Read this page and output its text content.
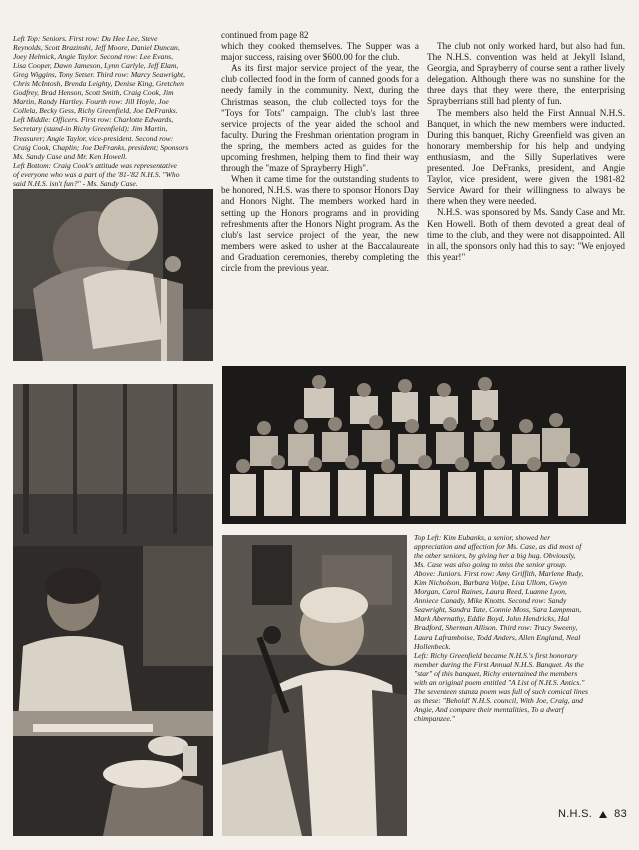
Left Top: Seniors. First row: Du Hee Lee, Steve
Reynolds, Scott Brazinshi, Jeff Moore, Daniel Duncan,
Joey Helmick, Angie Taylor. Second row: Lee Evans,
Lisa Cooper, Dawn Jameson, Lynn Carlyle, Jeff Elam,
Greg Wiggins, Tony Setser. Third row: Marcy Seawright,
Chris McIntosh, Brenda Leighty, Denise King, Gretchen
Godfrey, Brad Henson, Scott Smith, Craig Cook, Jim
Martin, Randy Hartley. Fourth row: Jill Hoyle, Joe
Collela, Becky Gess, Richy Greenfield, Joe DeFranks.
Left Middle: Officers. First row: Charlotte Edwards,
Secretary (stand-in Richy Greenfield); Jim Martin,
Treasurer; Angie Taylor, vice-president. Second row:
Craig Cook, Chaplin; Joe DeFranks, president; Sponsors
Ms. Sandy Case and Mr. Ken Howell.
Left Bottom: Craig Cook's attitude was representative
of everyone who was a part of the '81-'82 N.H.S. "Who
said N.H.S. isn't fun?" - Ms. Sandy Case.

continued from page 82

which they cooked themselves. The Supper was a major success, raising over $600.00 for the club.

As its first major service project of the year, the club collected food in the form of canned goods for a needy family in the community. Next, during the Christmas season, the club collected toys for the "Toys for Tots" campaign. The club's last three service projects of the year aided the school and faculty. During the Freshman orientation program in the spring, the members acted as guides for the upcoming freshmen, helping them to find their way through the "maze of Sprayberry High".

When it came time for the outstanding students to be honored, N.H.S. was there to sponsor Honors Day and Honors Night. The members worked hard in setting up the Honors programs and in providing refreshments after the Honors Night program. As the club's last service project of the year, the new members were asked to usher at the Baccalaureate and Graduation ceremonies, thereby completing the circle from the previous year.

The club not only worked hard, but also had fun. The N.H.S. convention was held at Jekyll Island, Georgia, and Sprayberry of course sent a rather lively delegation. Although there was no sunshine for the three days that they were there, the enterprising Sprayberrians still had plenty of fun.

The members also held the First Annual N.H.S. Banquet, in which the new members were inducted. During this banquet, Richy Greenfield was given an honorary membership for his help and undying enthusiasm, and the Silly Superlatives were presented. Joe DeFranks, president, and Angie Taylor, vice president, were given the 1981-82 Service Award for their willingness to always be there when they were needed.

N.H.S. was sponsored by Ms. Sandy Case and Mr. Ken Howell. Both of them devoted a great deal of time to the club, and they were not disappointed. All in all, the sponsors only had this to say: "We enjoyed this year!"

Top Left: Kim Eubanks, a senior, showed her
appreciation and affection for Ms. Case, as did most of
the other seniors, by giving her a big hug. Obviously,
Ms. Case was also going to miss the senior group.
Above: Juniors. First row: Amy Griffith, Marlene Rudy,
Kim Nicholson, Barbara Volpe, Lisa Ullom, Gwyn
Morgan, Carol Raines, Laura Reed, Luanne Lyon,
Anniece Canady, Mike Knotts. Second row: Sandy
Seawright, Sandra Tate, Connie Moss, Sara Lampman,
Mark Abernathy, Eddie Boyd, John Hendricks, Hal
Bradford, Sherman Allison. Third row: Tracy Sweeny,
Laura Laframboise, Todd Anders, Allen England, Neal
Hollenbeck.
Left: Richy Greenfield became N.H.S.'s first honorary
member during the First Annual N.H.S. Banquet. As the
"star" of this banquet, Richy entertained the members
with an original poem entitled "A List of N.H.S. Antics."
The seventeen stanza poem was full of such comical lines
as these: "Behold! N.H.S. council, With Joe, Craig, and
Angie, And compare their mentalities, To a dwarf
chimpanzee."
N.H.S. 83
